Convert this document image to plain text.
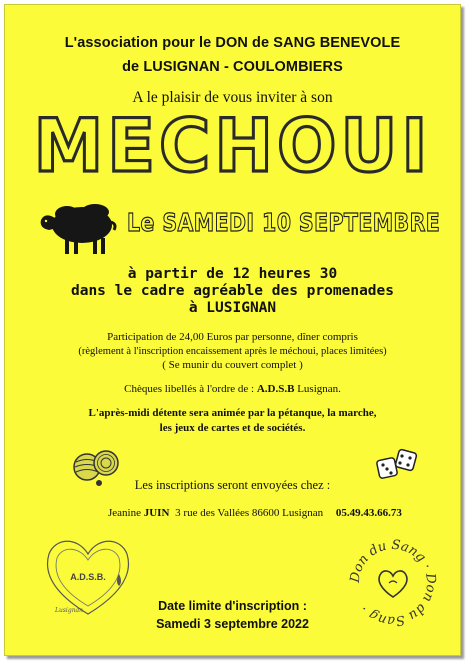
L'association pour le DON de SANG BENEVOLE
de LUSIGNAN - COULOMBIERS
A le plaisir de vous inviter à son
MECHOUI
Le SAMEDI 10 SEPTEMBRE
à partir de 12 heures 30
dans le cadre agréable des promenades
à LUSIGNAN
Participation de 24,00 Euros par personne, dîner compris
(règlement à l'inscription encaissement après le méchoui, places limitées)
( Se munir du couvert complet )
Chèques libellés à l'ordre de : A.D.S.B Lusignan.
L'après-midi détente sera animée par la pétanque, la marche,
les jeux de cartes et de sociétés.
Les inscriptions seront envoyées chez :
Jeanine JUIN 3 rue des Vallées 86600 Lusignan 05.49.43.66.73
A.D.S.B.
Lusignan	Date limite d'inscription :
Samedi 3 septembre 2022
Don du Sang · Don du Sang ·
